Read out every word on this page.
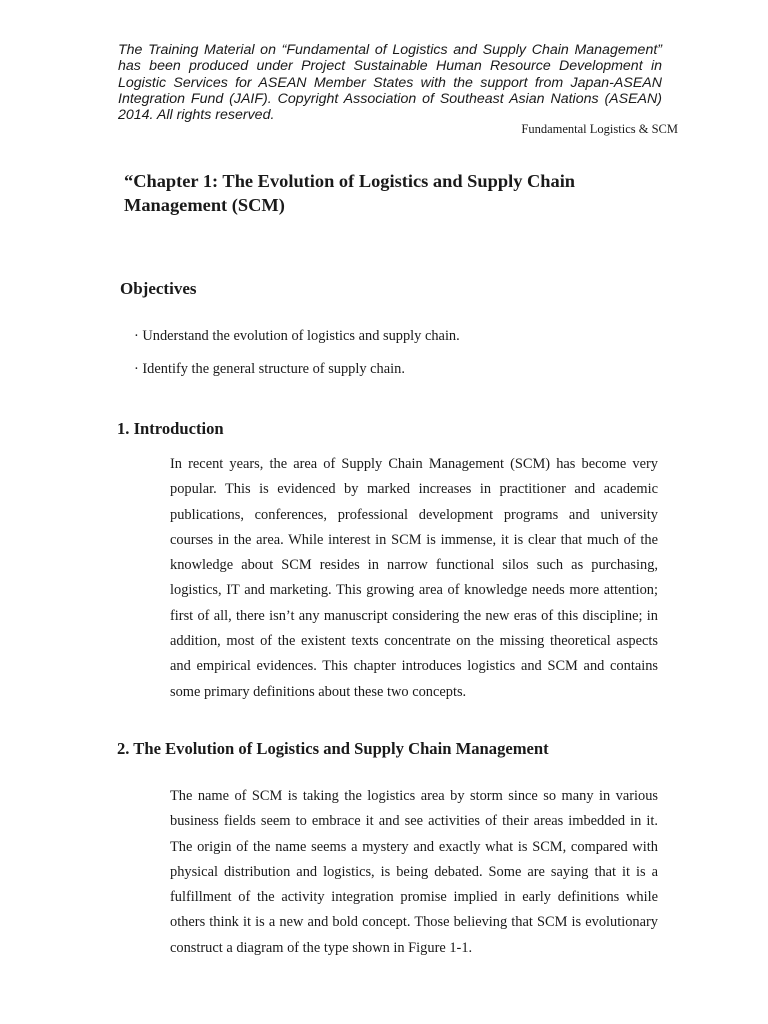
The Training Material on “Fundamental of Logistics and Supply Chain Management” has been produced under Project Sustainable Human Resource Development in Logistic Services for ASEAN Member States with the support from Japan-ASEAN Integration Fund (JAIF). Copyright Association of Southeast Asian Nations (ASEAN) 2014. All rights reserved.

Fundamental Logistics & SCM

“Chapter 1: The Evolution of Logistics and Supply Chain Management (SCM)
Objectives
· Understand the evolution of logistics and supply chain.
· Identify the general structure of supply chain.
1. Introduction

In recent years, the area of Supply Chain Management (SCM) has become very popular. This is evidenced by marked increases in practitioner and academic publications, conferences, professional development programs and university courses in the area. While interest in SCM is immense, it is clear that much of the knowledge about SCM resides in narrow functional silos such as purchasing, logistics, IT and marketing. This growing area of knowledge needs more attention; first of all, there isn’t any manuscript considering the new eras of this discipline; in addition, most of the existent texts concentrate on the missing theoretical aspects and empirical evidences. This chapter introduces logistics and SCM and contains some primary definitions about these two concepts.

2. The Evolution of Logistics and Supply Chain Management

The name of SCM is taking the logistics area by storm since so many in various business fields seem to embrace it and see activities of their areas imbedded in it. The origin of the name seems a mystery and exactly what is SCM, compared with physical distribution and logistics, is being debated. Some are saying that it is a fulfillment of the activity integration promise implied in early definitions while others think it is a new and bold concept. Those believing that SCM is evolutionary construct a diagram of the type shown in Figure 1-1.
